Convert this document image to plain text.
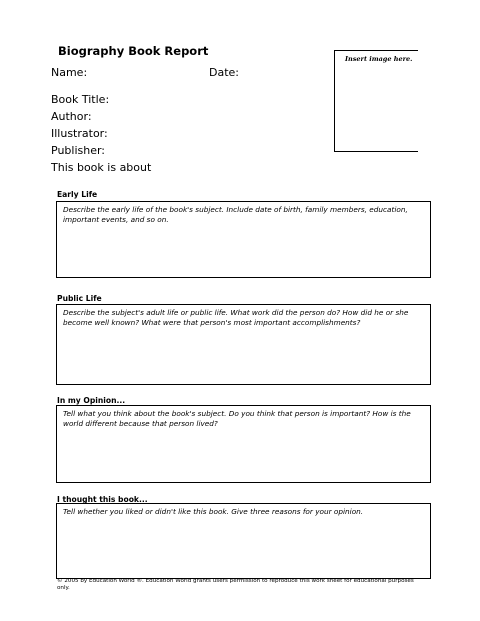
Biography Book Report
Name:	Date:
Book Title:
Author:
Illustrator:
Publisher:
This book is about
Insert image here.
Early Life
Describe the early life of the book's subject. Include date of birth, family members, education, important events, and so on.
Public Life
Describe the subject's adult life or public life. What work did the person do? How did he or she become well known? What were that person's most important accomplishments?
In my Opinion...
Tell what you think about the book's subject. Do you think that person is important? How is the world different because that person lived?
I thought this book...
Tell whether you liked or didn't like this book. Give three reasons for your opinion.
© 2005 by Education World ®. Education World grants users permission to reproduce this work sheet for educational purposes only.
